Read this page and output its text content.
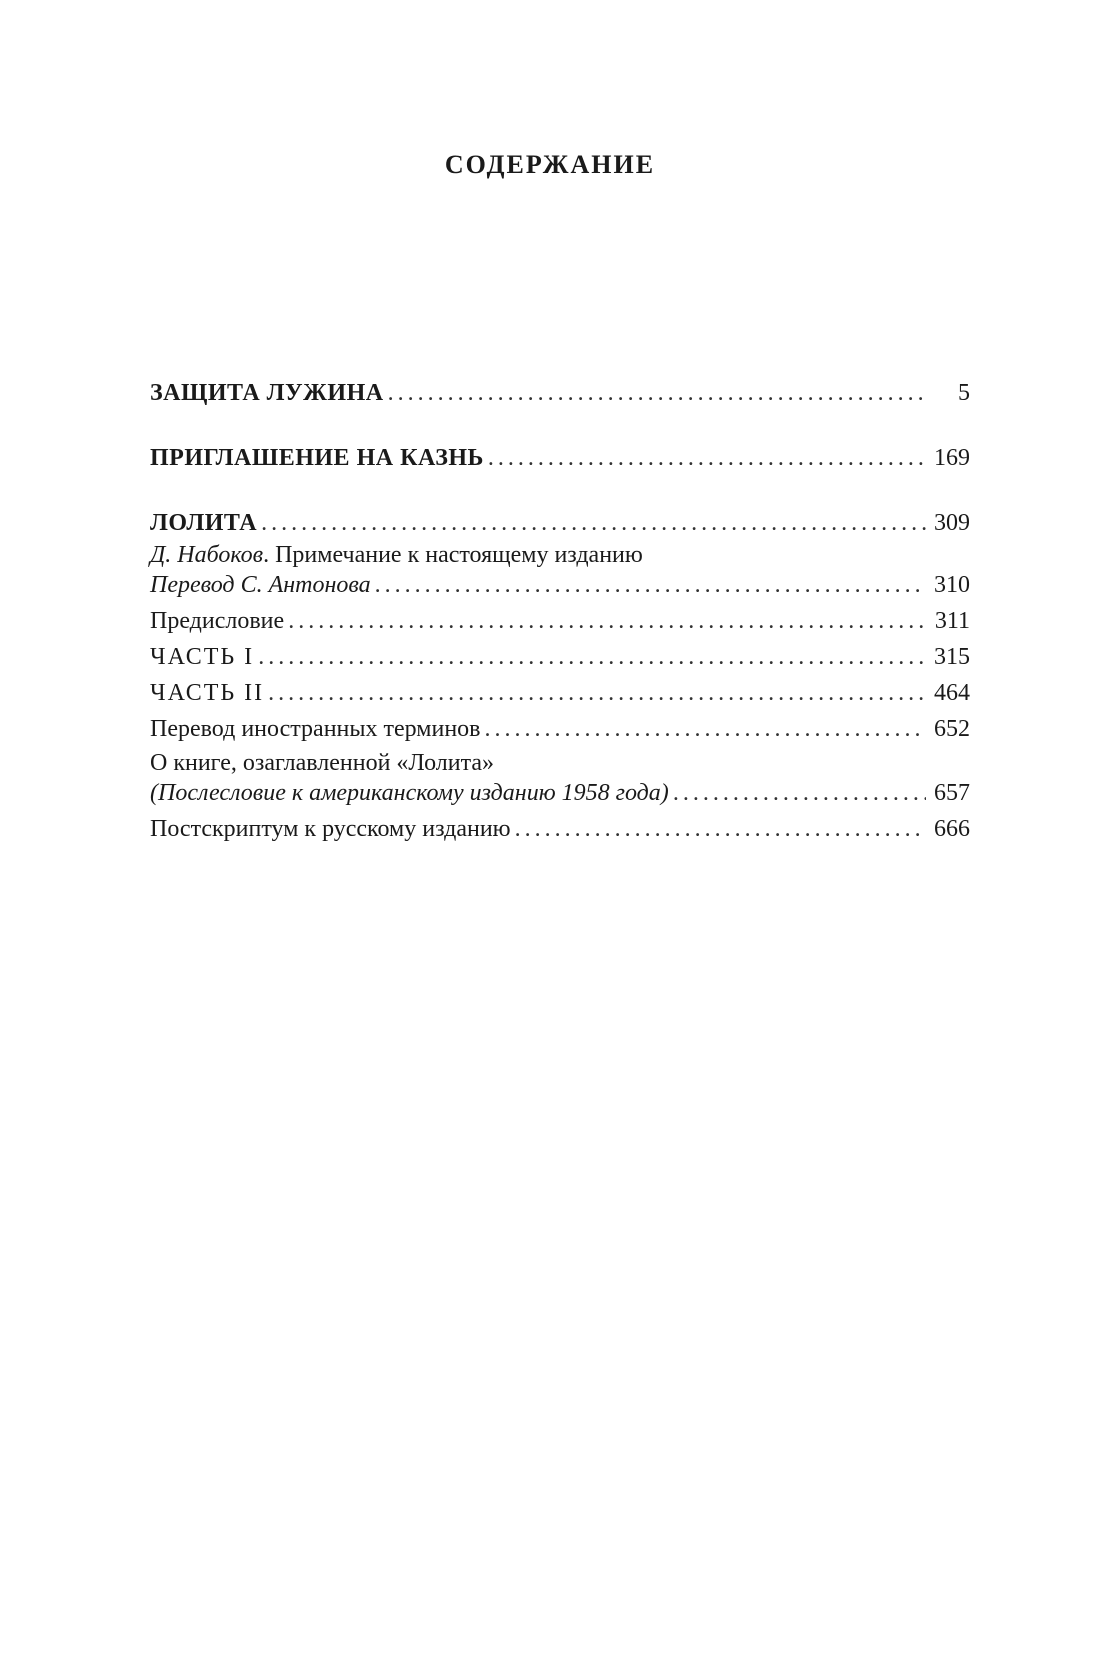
СОДЕРЖАНИЕ
ЗАЩИТА ЛУЖИНА . . .	5
ПРИГЛАШЕНИЕ НА КАЗНЬ . . .	169
ЛОЛИТА . . .	309
Д. Набоков. Примечание к настоящему изданию
Перевод С. Антонова . . .	310
Предисловие . . .	311
ЧАСТЬ I . . .	315
ЧАСТЬ II . . .	464
Перевод иностранных терминов . . .	652
О книге, озаглавленной «Лолита»
(Послесловие к американскому изданию 1958 года) . . .	657
Постскриптум к русскому изданию . . .	666
